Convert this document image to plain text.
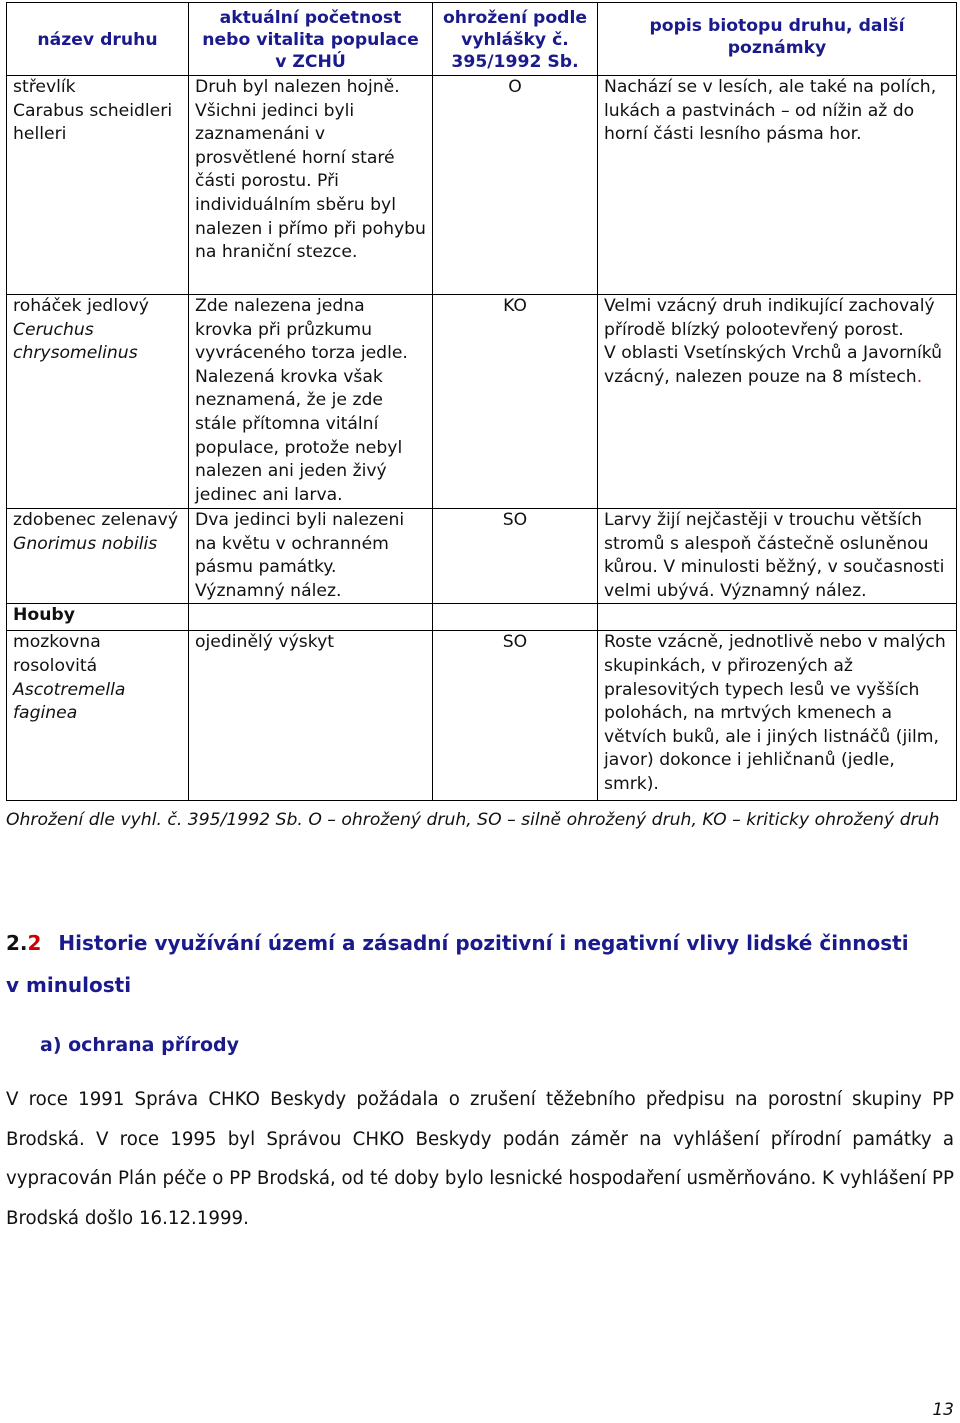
název druhu	aktuální početnost nebo vitalita populace v ZCHÚ	ohrožení podle vyhlášky č. 395/1992 Sb.	popis biotopu druhu, další poznámky

střevlík
Carabus scheidleri helleri	Druh byl nalezen hojně. Všichni jedinci byli zaznamenáni v prosvětlené horní staré části porostu. Při individuálním sběru byl nalezen i přímo při pohybu na hraniční stezce.	O	Nachází se v lesích, ale také na polích, lukách a pastvinách – od nížin až do horní části lesního pásma hor.

roháček jedlový
Ceruchus chrysomelinus	Zde nalezena jedna krovka při průzkumu vyvráceného torza jedle. Nalezená krovka však neznamená, že je zde stále přítomna vitální populace, protože nebyl nalezen ani jeden živý jedinec ani larva.	KO	Velmi vzácný druh indikující zachovalý přírodě blízký polootevřený porost.
V oblasti Vsetínských Vrchů a Javorníků vzácný, nalezen pouze na 8 místech.

zdobenec zelenavý
Gnorimus nobilis	Dva jedinci byli nalezeni na květu v ochranném pásmu památky. Významný nález.	SO	Larvy žijí nejčastěji v trouchu větších stromů s alespoň částečně osluněnou kůrou. V minulosti běžný, v současnosti velmi ubývá. Významný nález.
Houby			

mozkovna rosolovitá
Ascotremella faginea	ojedinělý výskyt	SO	Roste vzácně, jednotlivě nebo v malých skupinkách, v přirozených až pralesovitých typech lesů ve vyšších polohách, na mrtvých kmenech a větvích buků, ale i jiných listnáčů (jilm, javor) dokonce i jehličnanů (jedle, smrk).
Ohrožení dle vyhl. č. 395/1992 Sb. O – ohrožený druh, SO – silně ohrožený druh, KO – kriticky ohrožený druh
2.2 Historie využívání území a zásadní pozitivní i negativní vlivy lidské činnosti v minulosti
a) ochrana přírody
V roce 1991 Správa CHKO Beskydy požádala o zrušení těžebního předpisu na porostní skupiny PP Brodská. V roce 1995 byl Správou CHKO Beskydy podán záměr na vyhlášení přírodní památky a vypracován Plán péče o PP Brodská, od té doby bylo lesnické hospodaření usměrňováno. K vyhlášení PP Brodská došlo 16.12.1999.
13
